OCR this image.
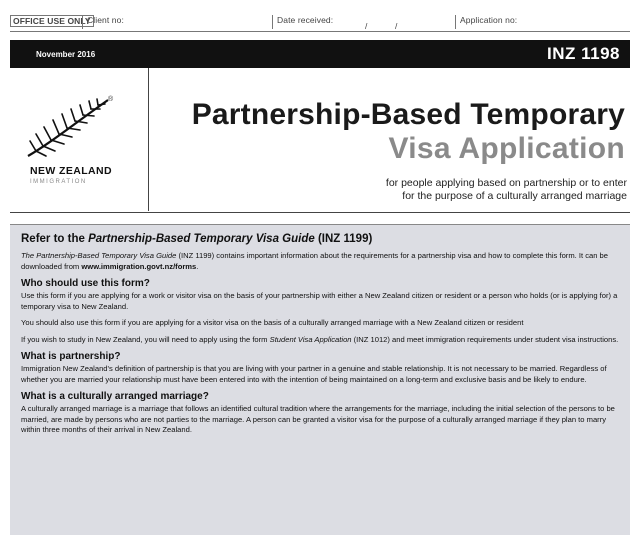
OFFICE USE ONLY
Client no:	Date received:
/	/
Application no:
November 2016	INZ 1198
®
NEW ZEALAND
IMMIGRATION
Partnership-Based Temporary
Visa Application
for people applying based on partnership or to enter
for the purpose of a culturally arranged marriage

Refer to the Partnership-Based Temporary Visa Guide (INZ 1199)

The Partnership-Based Temporary Visa Guide (INZ 1199) contains important information about the requirements for a partnership visa and how to complete this form. It can be downloaded from www.immigration.govt.nz/forms.

Who should use this form?

Use this form if you are applying for a work or visitor visa on the basis of your partnership with either a New Zealand citizen or resident or a person who holds (or is applying for) a temporary visa to New Zealand.

You should also use this form if you are applying for a visitor visa on the basis of a culturally arranged marriage with a New Zealand citizen or resident

If you wish to study in New Zealand, you will need to apply using the form Student Visa Application (INZ 1012) and meet immigration requirements under student visa instructions.

What is partnership?

Immigration New Zealand's definition of partnership is that you are living with your partner in a genuine and stable relationship. It is not necessary to be married. Regardless of whether you are married your relationship must have been entered into with the intention of being maintained on a long-term and exclusive basis and be likely to endure.

What is a culturally arranged marriage?

A culturally arranged marriage is a marriage that follows an identified cultural tradition where the arrangements for the marriage, including the initial selection of the persons to be married, are made by persons who are not parties to the marriage. A person can be granted a visitor visa for the purpose of a culturally arranged marriage if they plan to marry within three months of their arrival in New Zealand.
